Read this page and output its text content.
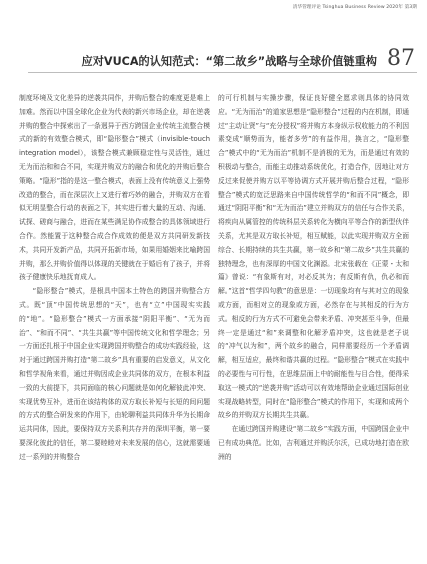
清华管理评论 Tsinghua Business Review 2020年 第3期
应对VUCA的认知范式：“第二故乡”战略与全球价值链重构 87

制度环境及文化差异的逆袭共同作，并购后整合的难度更是难上加难。然而以中国全球化企业为代表的新兴市场企业，却在逆袭并购的整合中探索出了一条迥异于西方跨国企业传统主流整合模式的新的有效整合模式，即“隐形整合”模式（invisible-touch integration model），该整合模式兼顾稳定性与灵活性，通过无为而治和和合不同，实现并购双方的融合和优化的并购后整合策略。“隐形”指的是这一整合模式，表面上没有传统意义上强势改造的整合，而在深层次上又进行着巧妙的融合，并购双方在看似无明显整合行动的表面之下，其实进行着大量的互动、沟通、试探、磋商与融合，进而在某些满足协作成整合的具体领域进行合作。然能置于这种整合成合作成效的便是双方共同研发新技术，共同开发新产品，共同开拓新市场，如果用婚姻来比喻跨国并购，那么并购价值得以体现的关键就在于婚后有了孩子，并将孩子健康快乐地抚育成人。

“隐形整合”模式，是根具中国本土特色的跨国并购整合方式。既“顶”中国传统思想的“天”，也有“立”中国现实实践的“地”。“隐形整合”模式一方面承接“阴阳平衡”、“无为而治”、“和而不同”、“共生共赢”等中国传统文化和哲学理念；另一方面还扎根于中国企业实现跨国并购整合的成功实践经验，这对于通过跨国并购打造“第二故乡”具有重要的启发意义，从文化和哲学视角来看，通过并购因成企业共同体的双方，在根本利益一致的大前提下，共同面临的核心问题就是如何化解彼此冲突、实现优势互补，进而在该结构体的双方取长补短与长短的间问题的方式的整合研发来的作用下，由轮聊利益共同体升华为长期命运共同体，因此，要保持双方关系利共存并的深圳平衡，第一要要深化彼此的信任，第二要睦睦对未来发展的信心，这就需要通过一系列的并购整合

的可行机制与实操步骤，保证良好健全愿求则具体的协同效应。“无为而治”的道家思想是“隐形整合”过程的内在机制，即通过“主动让贤”与“充分授权”将并购方本身纵示权收能力的不利因素变成“顺势而为，能者多劳”的有益作用，换言之，“隐形整合”模式中的“无为而治”机制不是消极的无为，而是通过有效的积极动与整合，而能主动推动系统优化，打造合作，因地让对方反过来促使并购方以平等协调方式开展并购后整合过程，“隐形整合”模式的宽泛思路来自中国传统哲学的“和而不同”概念，即通过“阴阳平衡”和“无为而治”建立并购双方的信任与合作关系，将疾向从属管控的传统科层关系转化为横向平等合作的新型伙伴关系，尤其是双方取长补短，相互赋能，以此实现并购双方全面综合、长期持续的共生共赢，第一故乡和“第二故乡”共生共赢的独特理念，也有深厚的中国文化渊源。北宋张载在《正蒙・太和篇》曾说：“有象斯有对，对必反其为；有反斯有仇，仇必和而解。”这首“哲学四句教”的意思是：一切现象均有与其对立的现象或方面，而相对立的现象或方面，必然存在与其相反的行为方式。相反的行为方式不可避免会带来矛盾、冲突甚至斗争，但最终一定是通过“和”来调整和化解矛盾冲突，这也就是老子说的“冲气以为和”，两个故乡的融合，同样需要经历一个矛盾调解，相互适应，最终和谐共赢的过程。“隐形整合”模式在实践中的必要性与可行性，在思维层面上中的耐能性与目合性，便得采取这一模式的“逆袭并购”活动可以有效地帮助企业通过国际创业实现战略转型，同时在“隐形整合”模式的作用下，实现和成两个故乡的并购双方长期共生共赢。

在通过跨国并购建设“第二故乡”实践方面，中国跨国企业中已有成功典范。比如，吉利通过并购沃尔沃，已成功地打造在欧洲的
